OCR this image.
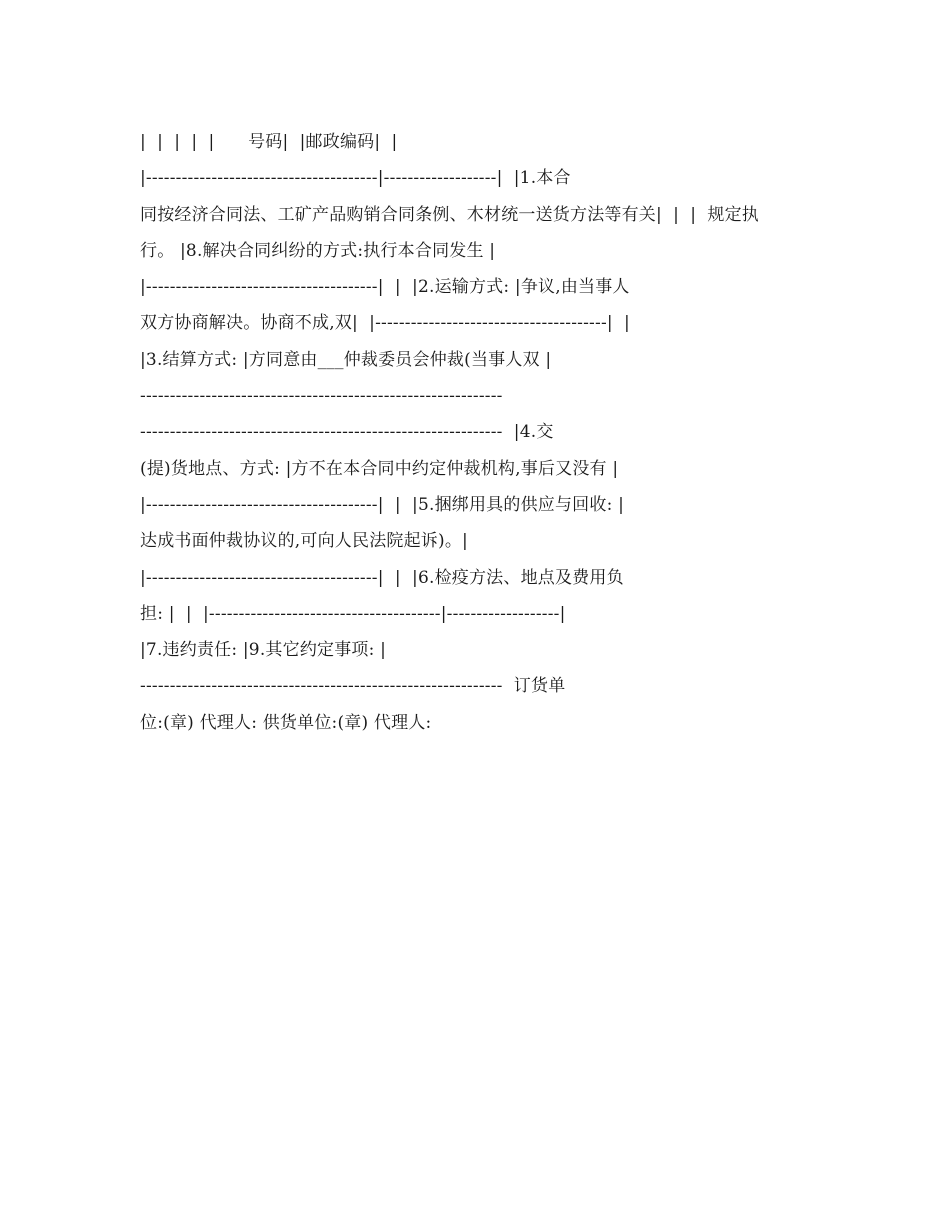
|  |  |  |  |      号码|  |邮政编码|  |
|---------------------------------------|-------------------|  |1.本合
同按经济合同法、工矿产品购销合同条例、木材统一送货方法等有关|  |  |  规定执
行。 |8.解决合同纠纷的方式:执行本合同发生 |
|---------------------------------------|  |  |2.运输方式: |争议,由当事人
双方协商解决。协商不成,双|  |---------------------------------------|  |
|3.结算方式: |方同意由___仲裁委员会仲裁(当事人双 |
-------------------------------------------------------------
-------------------------------------------------------------  |4.交
(提)货地点、方式: |方不在本合同中约定仲裁机构,事后又没有 |
|---------------------------------------|  |  |5.捆绑用具的供应与回收: |
达成书面仲裁协议的,可向人民法院起诉)。|
|---------------------------------------|  |  |6.检疫方法、地点及费用负
担: |  |  |---------------------------------------|-------------------|
|7.违约责任: |9.其它约定事项: |
-------------------------------------------------------------  订货单
位:(章) 代理人: 供货单位:(章) 代理人:
